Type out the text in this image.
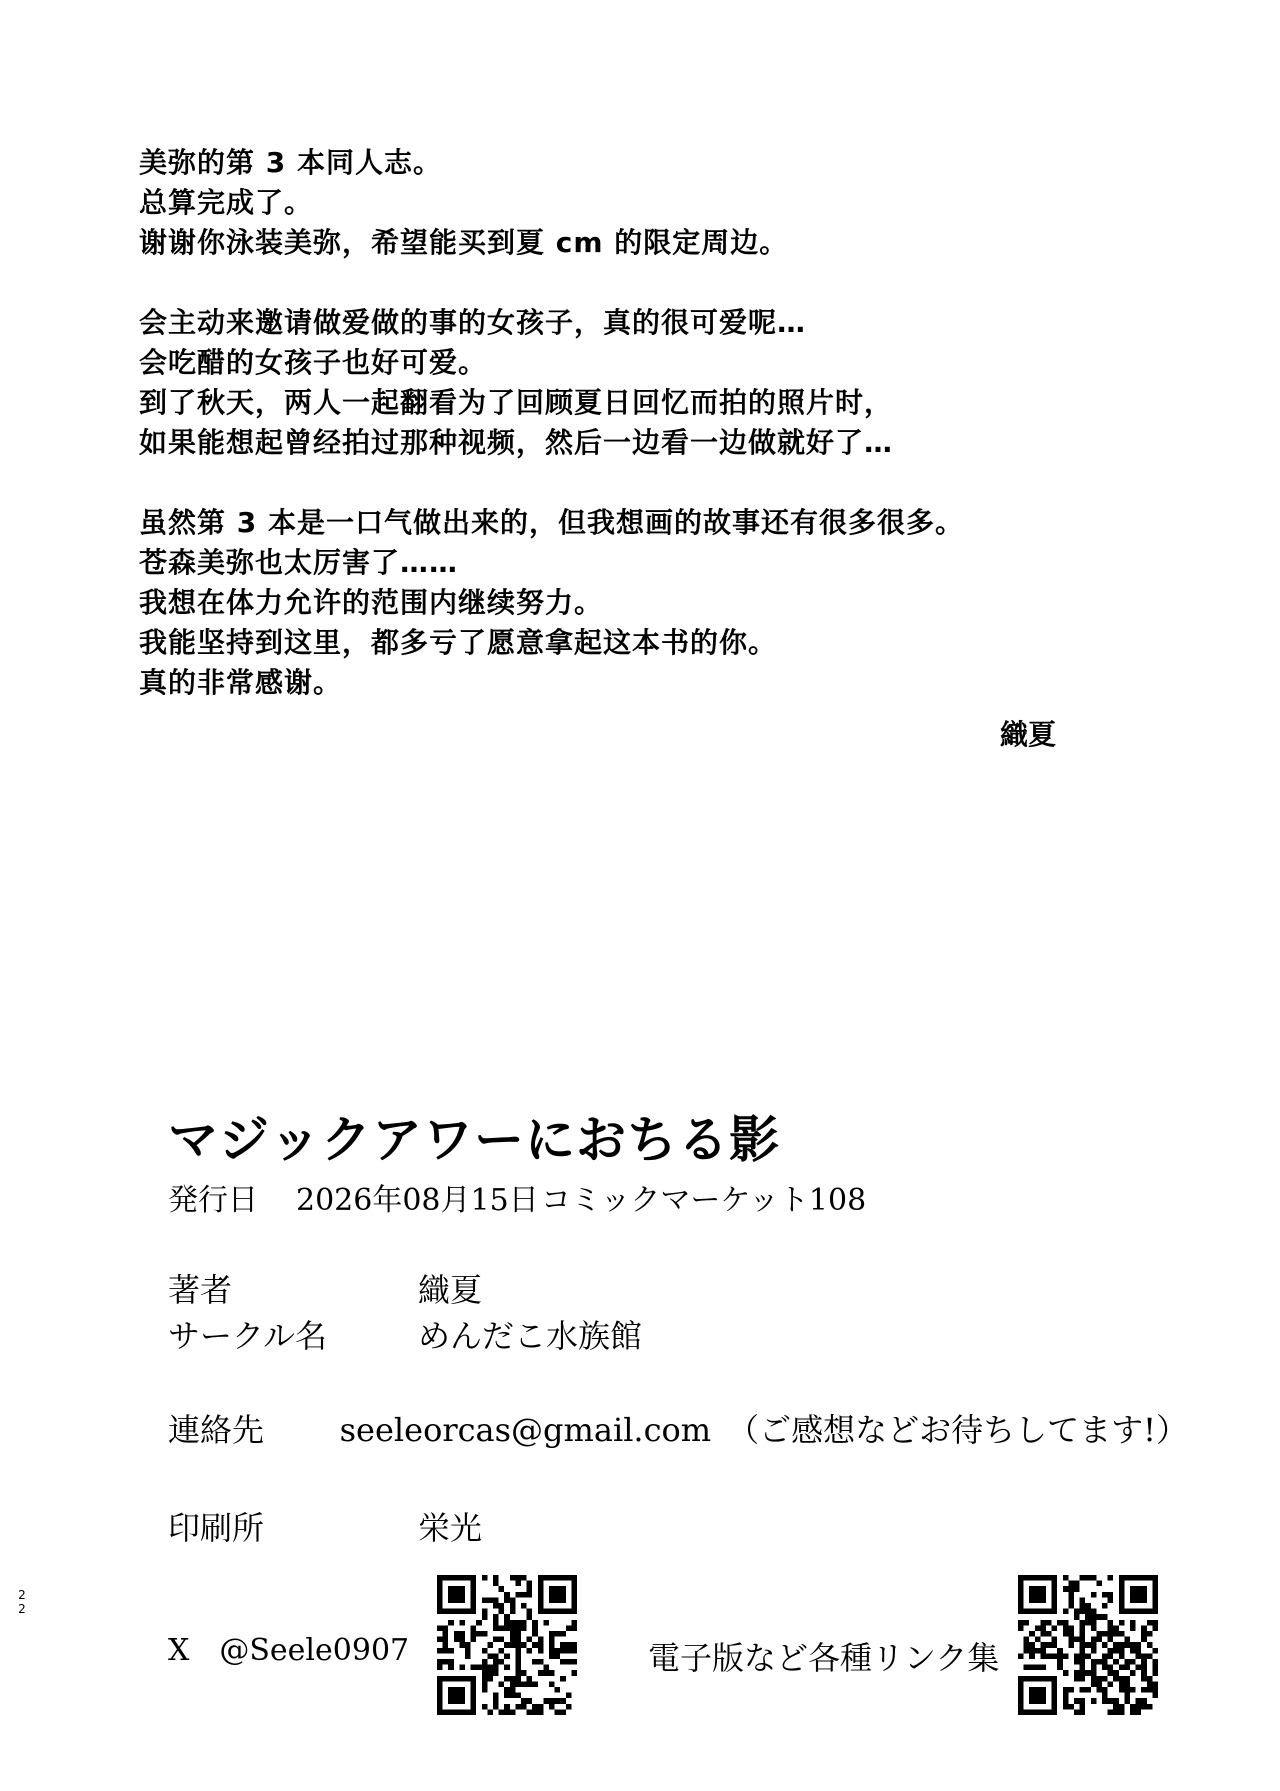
美弥的第 3 本同人志。
总算完成了。
谢谢你泳装美弥，希望能买到夏 cm 的限定周边。
会主动来邀请做爱做的事的女孩子，真的很可爱呢…
会吃醋的女孩子也好可爱。
到了秋天，两人一起翻看为了回顾夏日回忆而拍的照片时，
如果能想起曾经拍过那种视频，然后一边看一边做就好了…
虽然第 3 本是一口气做出来的，但我想画的故事还有很多很多。
苍森美弥也太厉害了……
我想在体力允许的范围内继续努力。
我能坚持到这里，都多亏了愿意拿起这本书的你。
真的非常感谢。
織夏
マジックアワーにおちる影
発行日 2026年08月15日コミックマーケット108
著者	織夏
サークル名	めんだこ水族館
連絡先	seeleorcas@gmail.com　（ご感想などお待ちしてます!）
印刷所	栄光
2
2
X @Seele0907	電子版など各種リンク集
